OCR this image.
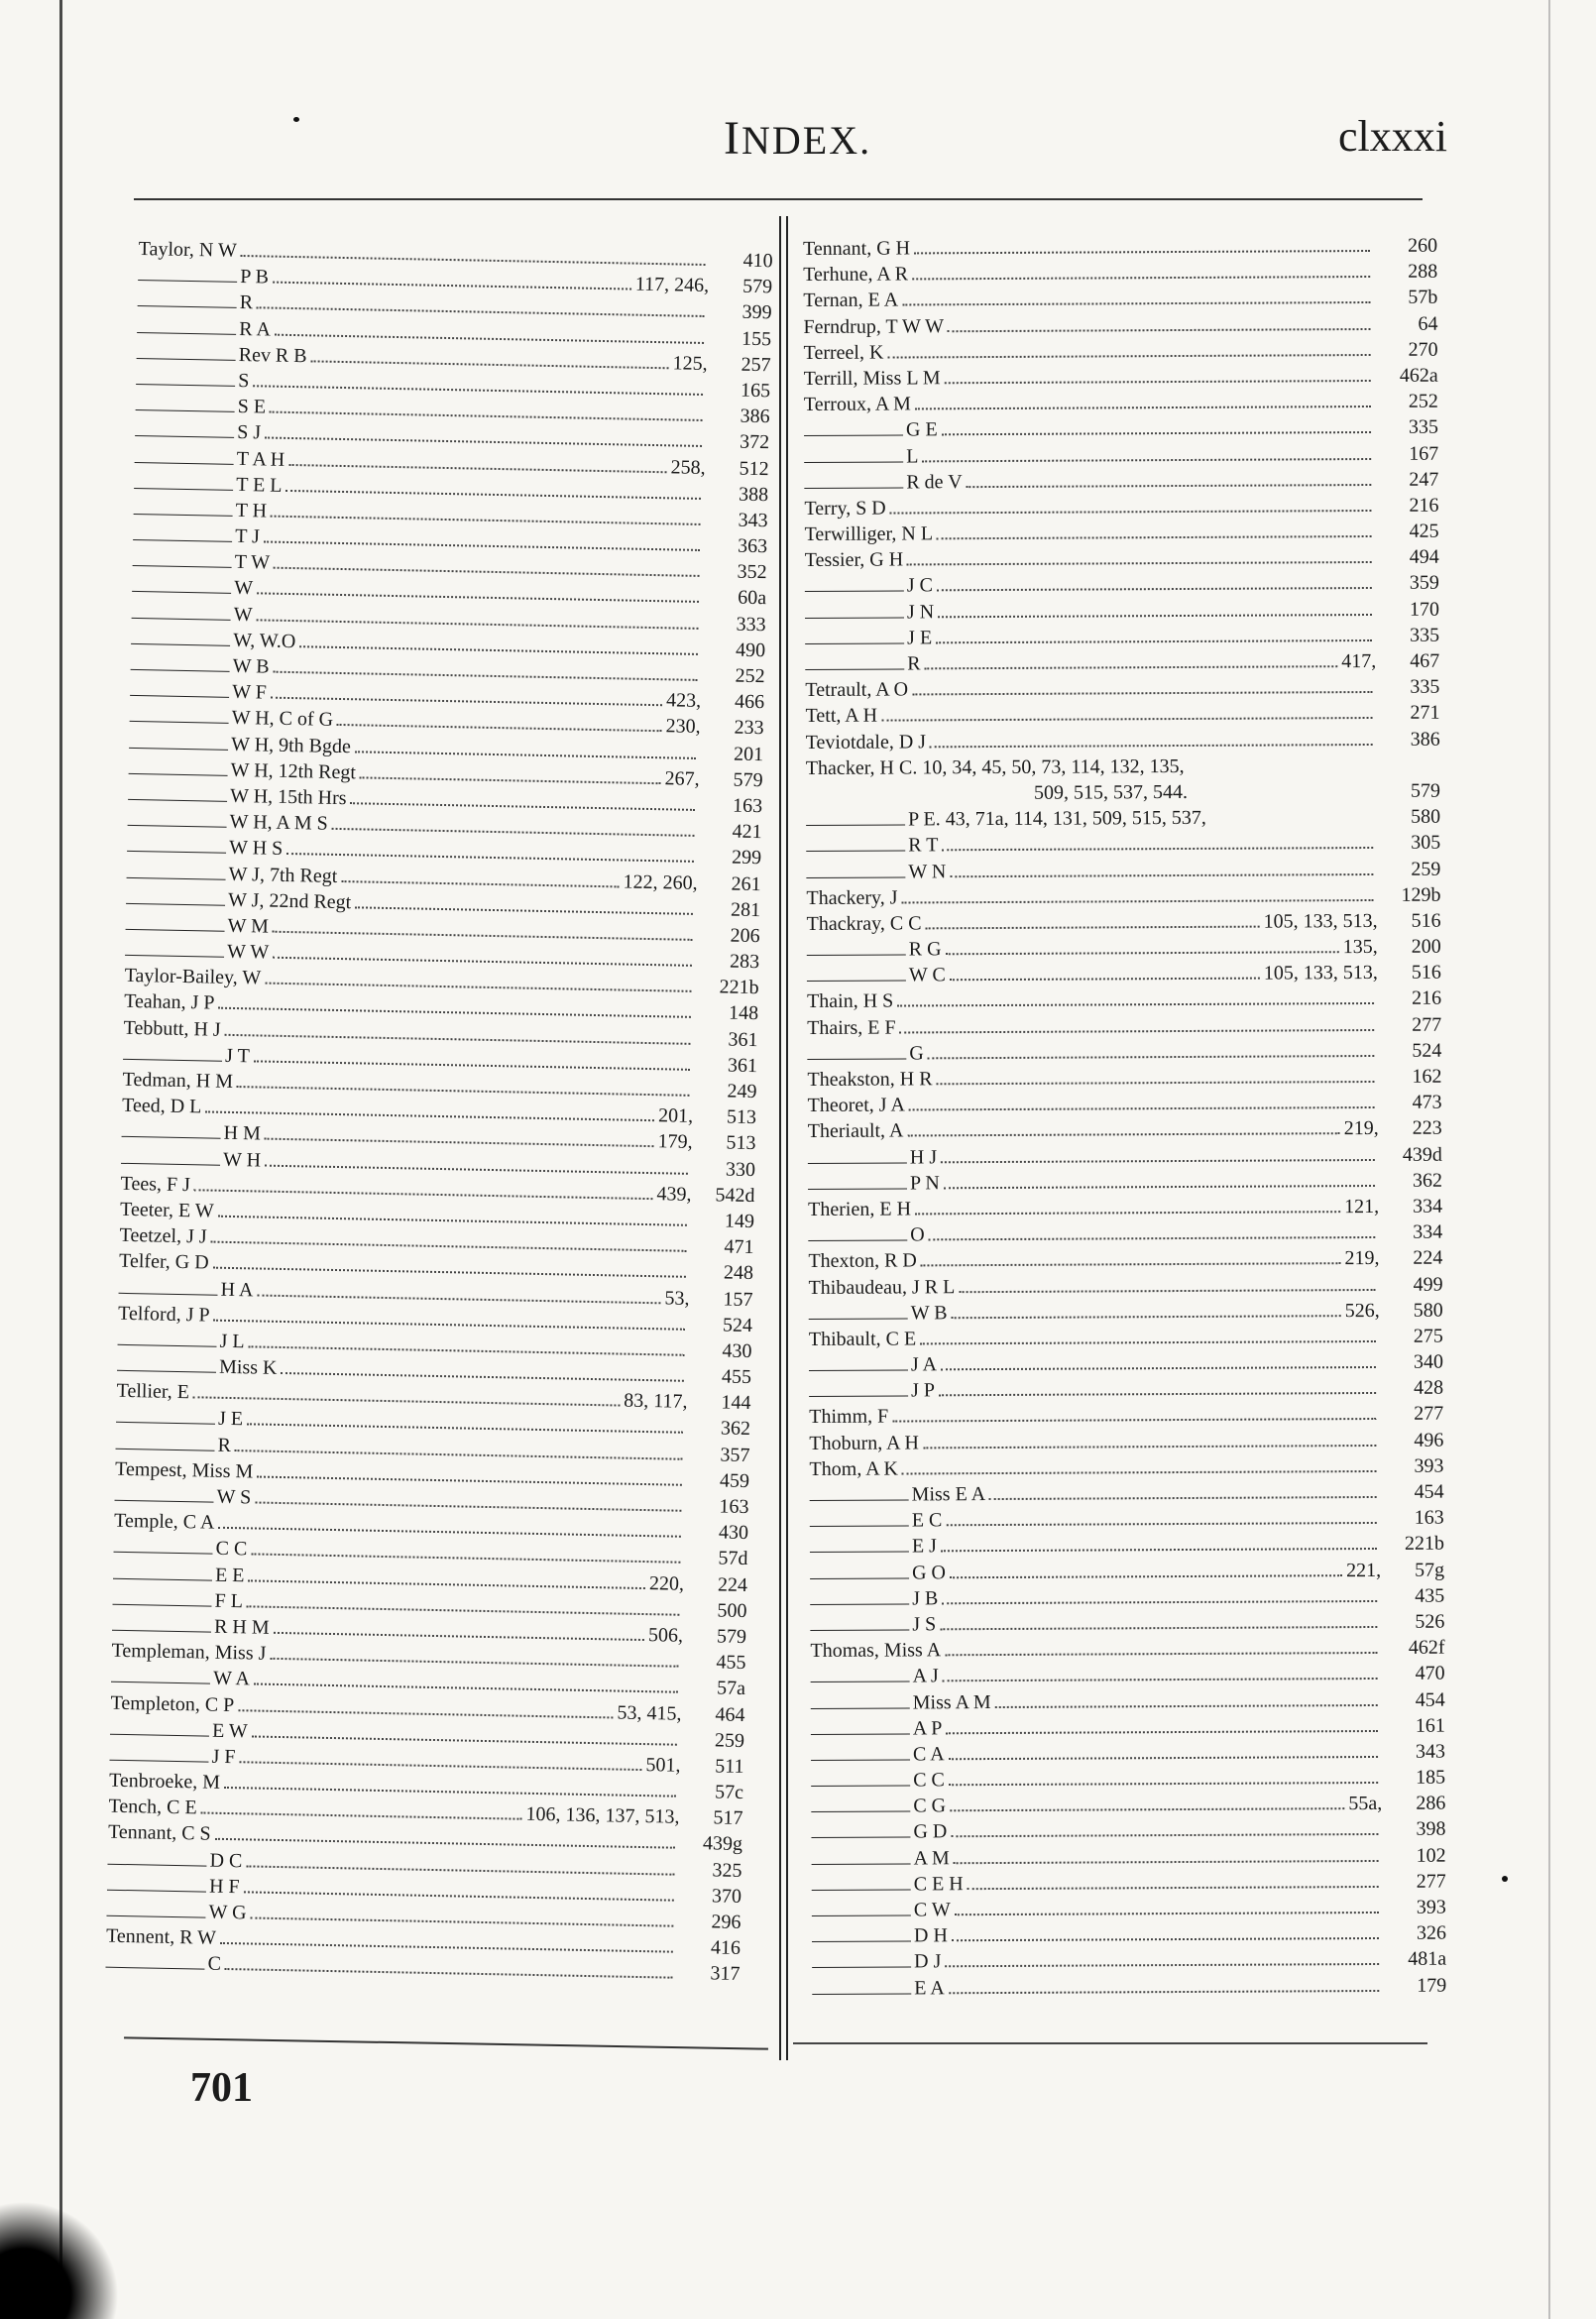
INDEX.	clxxxi
Taylor, N W	410
P B	117, 246,	579
R	399
R A	155
Rev R B	125,	257
S	165
S E	386
S J	372
T A H	258,	512
T E L	388
T H	343
T J	363
T W	352
W	60a
W	333
W, W.O	490
W B	252
W F	423,	466
W H, C of G	230,	233
W H, 9th Bgde	201
W H, 12th Regt	267,	579
W H, 15th Hrs	163
W H, A M S	421
W H S	299
W J, 7th Regt	122, 260,	261
W J, 22nd Regt	281
W M	206
W W	283
Taylor-Bailey, W	221b
Teahan, J P	148
Tebbutt, H J	361
J T	361
Tedman, H M	249
Teed, D L	201,	513
H M	179,	513
W H	330
Tees, F J	439,	542d
Teeter, E W	149
Teetzel, J J	471
Telfer, G D	248
H A	53,	157
Telford, J P	524
J L	430
Miss K	455
Tellier, E	83, 117,	144
J E	362
R	357
Tempest, Miss M	459
W S	163
Temple, C A	430
C C	57d
E E	220,	224
F L	500
R H M	506,	579
Templeman, Miss J	455
W A	57a
Templeton, C P	53, 415,	464
E W	259
J F	501,	511
Tenbroeke, M	57c
Tench, C E	106, 136, 137, 513,	517
Tennant, C S	439g
D C	325
H F	370
W G	296
Tennent, R W	416
C	317
Tennant, G H	260
Terhune, A R	288
Ternan, E A	57b
Ferndrup, T W W	64
Terreel, K	270
Terrill, Miss L M	462a
Terroux, A M	252
G E	335
L	167
R de V	247
Terry, S D	216
Terwilliger, N L	425
Tessier, G H	494
J C	359
J N	170
J E	335
R	417,	467
Tetrault, A O	335
Tett, A H	271
Teviotdale, D J	386
Thacker, H C. 10, 34, 45, 50, 73, 114, 132, 135,
509, 515, 537, 544.	579
P E. 43, 71a, 114, 131, 509, 515, 537,	580
R T	305
W N	259
Thackery, J	129b
Thackray, C C	105, 133, 513,	516
R G	135,	200
W C	105, 133, 513,	516
Thain, H S	216
Thairs, E F	277
G	524
Theakston, H R	162
Theoret, J A	473
Theriault, A	219,	223
H J	439d
P N	362
Therien, E H	121,	334
O	334
Thexton, R D	219,	224
Thibaudeau, J R L	499
W B	526,	580
Thibault, C E	275
J A	340
J P	428
Thimm, F	277
Thoburn, A H	496
Thom, A K	393
Miss E A	454
E C	163
E J	221b
G O	221,	57g
J B	435
J S	526
Thomas, Miss A	462f
A J	470
Miss A M	454
A P	161
C A	343
C C	185
C G	55a,	286
G D	398
A M	102
C E H	277
C W	393
D H	326
D J	481a
E A	179
701
